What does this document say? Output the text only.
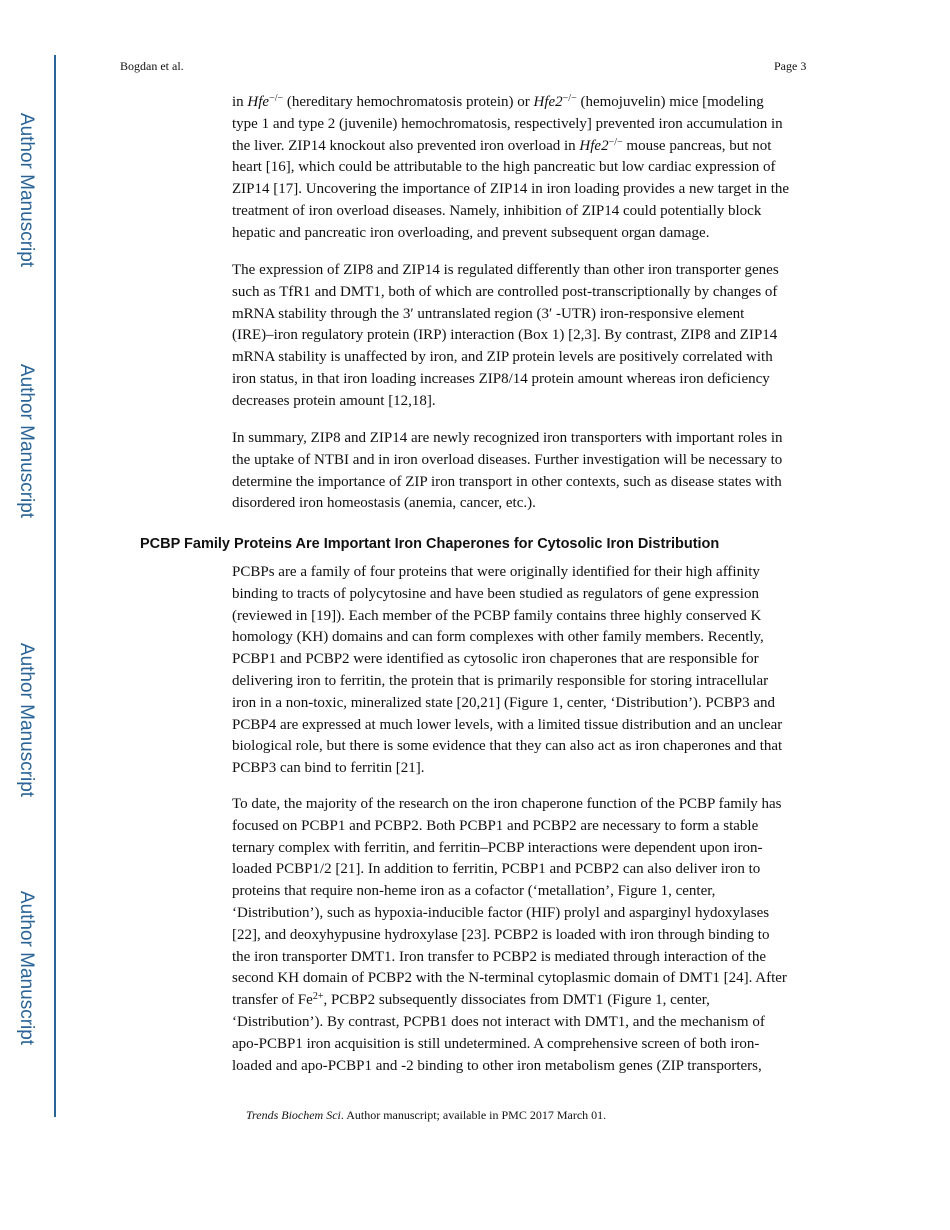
Author Manuscript
Author Manuscript
Author Manuscript
Author Manuscript
Bogdan et al.	Page 3
in Hfe−/− (hereditary hemochromatosis protein) or Hfe2−/− (hemojuvelin) mice [modeling
type 1 and type 2 (juvenile) hemochromatosis, respectively] prevented iron accumulation in
the liver. ZIP14 knockout also prevented iron overload in Hfe2−/− mouse pancreas, but not
heart [16], which could be attributable to the high pancreatic but low cardiac expression of
ZIP14 [17]. Uncovering the importance of ZIP14 in iron loading provides a new target in the
treatment of iron overload diseases. Namely, inhibition of ZIP14 could potentially block
hepatic and pancreatic iron overloading, and prevent subsequent organ damage.
The expression of ZIP8 and ZIP14 is regulated differently than other iron transporter genes
such as TfR1 and DMT1, both of which are controlled post-transcriptionally by changes of
mRNA stability through the 3′ untranslated region (3′ -UTR) iron-responsive element
(IRE)–iron regulatory protein (IRP) interaction (Box 1) [2,3]. By contrast, ZIP8 and ZIP14
mRNA stability is unaffected by iron, and ZIP protein levels are positively correlated with
iron status, in that iron loading increases ZIP8/14 protein amount whereas iron deficiency
decreases protein amount [12,18].
In summary, ZIP8 and ZIP14 are newly recognized iron transporters with important roles in
the uptake of NTBI and in iron overload diseases. Further investigation will be necessary to
determine the importance of ZIP iron transport in other contexts, such as disease states with
disordered iron homeostasis (anemia, cancer, etc.).
PCBP Family Proteins Are Important Iron Chaperones for Cytosolic Iron Distribution
PCBPs are a family of four proteins that were originally identified for their high affinity
binding to tracts of polycytosine and have been studied as regulators of gene expression
(reviewed in [19]). Each member of the PCBP family contains three highly conserved K
homology (KH) domains and can form complexes with other family members. Recently,
PCBP1 and PCBP2 were identified as cytosolic iron chaperones that are responsible for
delivering iron to ferritin, the protein that is primarily responsible for storing intracellular
iron in a non-toxic, mineralized state [20,21] (Figure 1, center, ‘Distribution’). PCBP3 and
PCBP4 are expressed at much lower levels, with a limited tissue distribution and an unclear
biological role, but there is some evidence that they can also act as iron chaperones and that
PCBP3 can bind to ferritin [21].
To date, the majority of the research on the iron chaperone function of the PCBP family has
focused on PCBP1 and PCBP2. Both PCBP1 and PCBP2 are necessary to form a stable
ternary complex with ferritin, and ferritin–PCBP interactions were dependent upon iron-
loaded PCBP1/2 [21]. In addition to ferritin, PCBP1 and PCBP2 can also deliver iron to
proteins that require non-heme iron as a cofactor (‘metallation’, Figure 1, center,
‘Distribution’), such as hypoxia-inducible factor (HIF) prolyl and asparginyl hydoxylases
[22], and deoxyhypusine hydroxylase [23]. PCBP2 is loaded with iron through binding to
the iron transporter DMT1. Iron transfer to PCBP2 is mediated through interaction of the
second KH domain of PCBP2 with the N-terminal cytoplasmic domain of DMT1 [24]. After
transfer of $Fe^{2+}$, PCBP2 subsequently dissociates from DMT1 (Figure 1, center,
‘Distribution’). By contrast, PCPB1 does not interact with DMT1, and the mechanism of
apo-PCBP1 iron acquisition is still undetermined. A comprehensive screen of both iron-
loaded and apo-PCBP1 and -2 binding to other iron metabolism genes (ZIP transporters,
Trends Biochem Sci. Author manuscript; available in PMC 2017 March 01.
